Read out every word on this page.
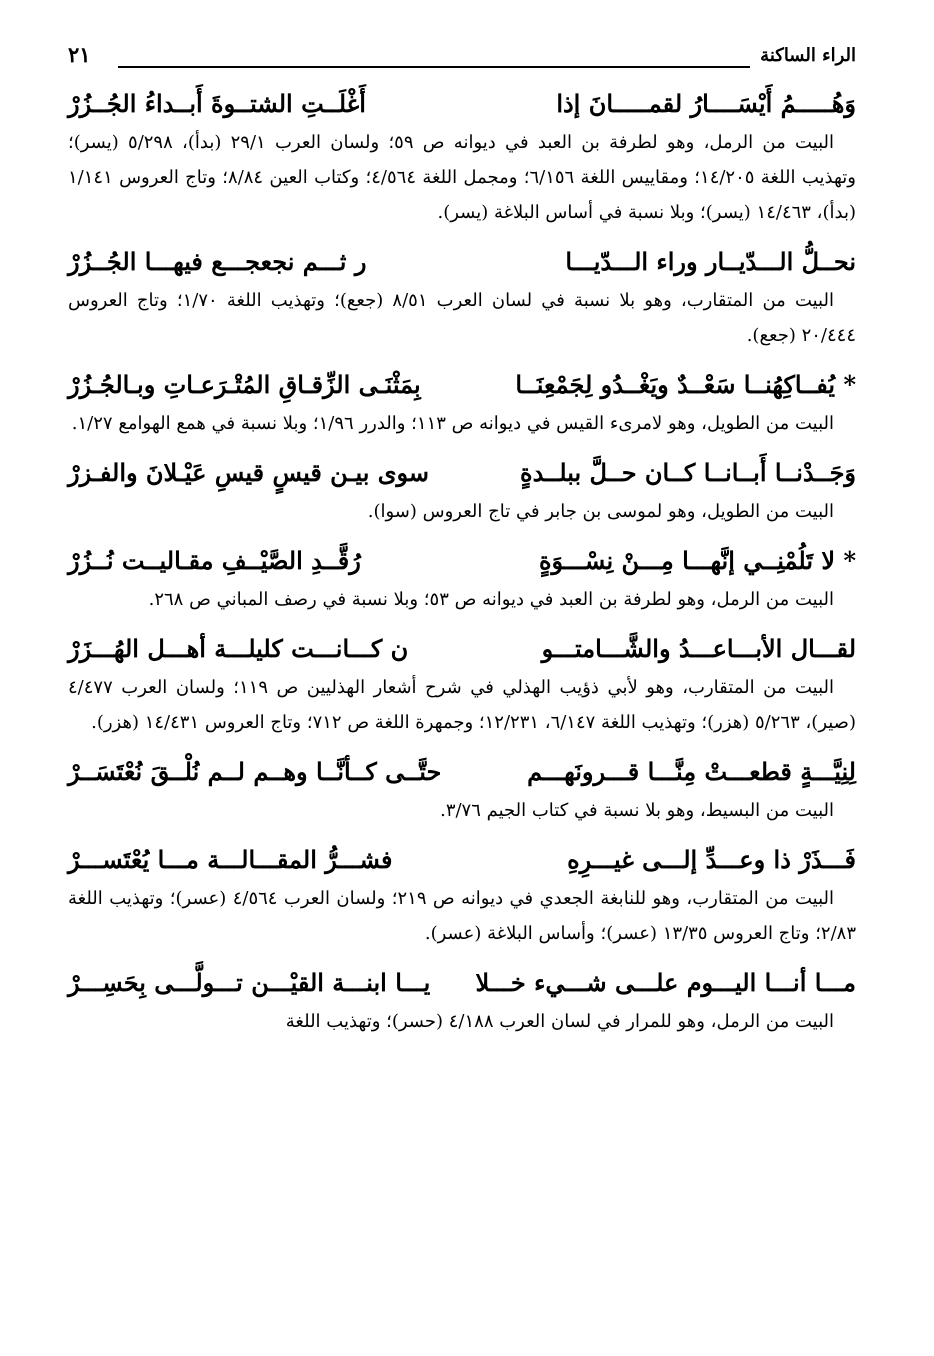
الراء الساكنة
٢١
وَهُـــــمُ أَيْسَــــارُ لقمـــــانَ إذا
أَغْلَــتِ الشتــوةَ أَبــداءُ الجُــزُرْ

البيت من الرمل، وهو لطرفة بن العبد في ديوانه ص ٥٩؛ ولسان العرب ٢٩/١ (بدأ)، ٥/٢٩٨ (يسر)؛ وتهذيب اللغة ١٤/٢٠٥؛ ومقاييس اللغة ٦/١٥٦؛ ومجمل اللغة ٤/٥٦٤؛ وكتاب العين ٨/٨٤؛ وتاج العروس ١/١٤١ (بدأ)، ١٤/٤٦٣ (يسر)؛ وبلا نسبة في أساس البلاغة (يسر).

نحــلُّ الـــدّيــار وراء الـــدّيـــا
ر ثـــم نجعجـــع فيهـــا الجُــزُرْ

البيت من المتقارب، وهو بلا نسبة في لسان العرب ٨/٥١ (جعع)؛ وتهذيب اللغة ١/٧٠؛ وتاج العروس ٢٠/٤٤٤ (جعع).

* يُفــاكِهُنــا سَعْــدٌ ويَغْــدُو لِجَمْعِنَــا
بِمَثْنَـى الزِّقـاقِ المُتْـرَعـاتِ وبـالجُـزُرْ

البيت من الطويل، وهو لامرىء القيس في ديوانه ص ١١٣؛ والدرر ١/٩٦؛ وبلا نسبة في همع الهوامع ١/٢٧.

وَجَــدْنــا أَبــانــا كــان حــلَّ ببلــدةٍ
سوى بيـن قيسٍ قيسِ عَيْـلانَ والفـزرْ

البيت من الطويل، وهو لموسى بن جابر في تاج العروس (سوا).

* لا تَلُمْنِــي إنَّهـــا مِـــنْ نِسْـــوَةٍ
رُقَّــدِ الصَّيْــفِ مقـاليــت نُــزُرْ

البيت من الرمل، وهو لطرفة بن العبد في ديوانه ص ٥٣؛ وبلا نسبة في رصف المباني ص ٢٦٨.

لقـــال الأبـــاعـــدُ والشَّـــامتـــو
ن كـــانـــت كليلـــة أهـــل الهُـــزَرْ

البيت من المتقارب، وهو لأبي ذؤيب الهذلي في شرح أشعار الهذليين ص ١١٩؛ ولسان العرب ٤/٤٧٧ (صير)، ٥/٢٦٣ (هزر)؛ وتهذيب اللغة ٦/١٤٧، ١٢/٢٣١؛ وجمهرة اللغة ص ٧١٢؛ وتاج العروس ١٤/٤٣١ (هزر).

لِنِيَّـــةٍ قطعـــتْ مِنَّـــا قـــرونَهـــم
حتَّــى كــأنَّــا وهــم لــم نُلْــقَ نُعْتَسَــرْ

البيت من البسيط، وهو بلا نسبة في كتاب الجيم ٣/٧٦.

فَـــذَرْ ذا وعـــدِّ إلـــى غيـــرِهِ
فشـــرُّ المقـــالـــة مـــا يُعْتَســـرْ

البيت من المتقارب، وهو للنابغة الجعدي في ديوانه ص ٢١٩؛ ولسان العرب ٤/٥٦٤ (عسر)؛ وتهذيب اللغة ٢/٨٣؛ وتاج العروس ١٣/٣٥ (عسر)؛ وأساس البلاغة (عسر).

مـــا أنـــا اليـــوم علـــى شـــيء خـــلا
يـــا ابنـــة القيْـــن تـــولَّـــى بِحَسِـــرْ

البيت من الرمل، وهو للمرار في لسان العرب ٤/١٨٨ (حسر)؛ وتهذيب اللغة
